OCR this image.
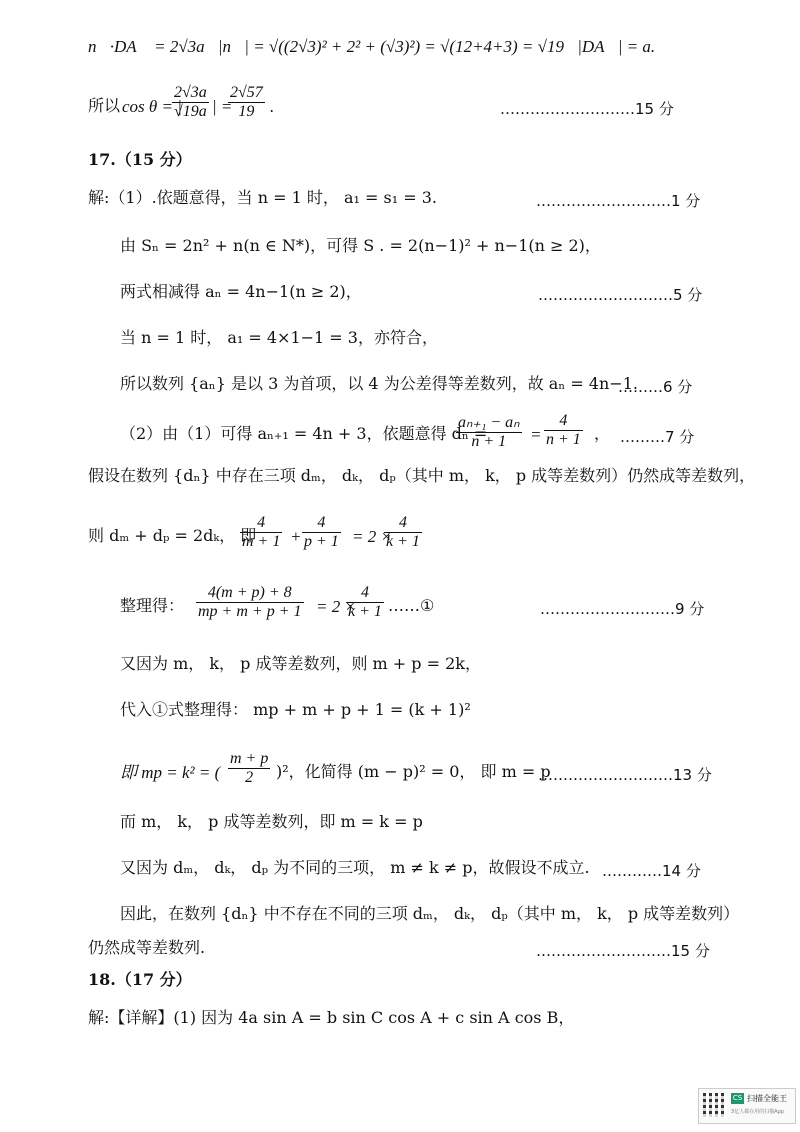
n⃗·DA⃗ = 2√3a，|n⃗| = √((2√3)² + 2² + (√3)²) = √(12+4+3) = √19，|DA⃗| = a.
所以 cos θ = |
$\frac{2√3a}{√19a}$ | =
$\frac{2√57}{19}$ .	………………………15 分
17.（15 分）
解:（1）.依题意得，当 n = 1 时， a₁ = s₁ = 3.	………………………1 分
由 Sₙ = 2n² + n(n ∈ N*)，可得 S . = 2(n−1)² + n−1(n ≥ 2)，
两式相减得 aₙ = 4n−1(n ≥ 2)，	………………………5 分
当 n = 1 时， a₁ = 4×1−1 = 3，亦符合，
所以数列 {aₙ} 是以 3 为首项，以 4 为公差得等差数列，故 aₙ = 4n−1.
………6 分
（2）由（1）可得 aₙ₊₁ = 4n + 3，依题意得 dₙ =
$\frac{\text{aₙ₊₁ − aₙ}}{n + 1} = \frac{4}{n + 1}$ ， ………7 分
假设在数列 {dₙ} 中存在三项 dₘ， dₖ， dₚ（其中 m， k， p 成等差数列）仍然成等差数列，
则 dₘ + dₚ = 2dₖ， 即
$\frac{4}{m + 1} + \frac{4}{p + 1} = 2$ ×
$\frac{4}{k + 1}$
整理得： $\frac{4(m + p) + 8}{mp + m + p + 1} = 2$ ×
$\frac{4}{k + 1}$ ……①	………………………9 分
又因为 m， k， p 成等差数列，则 m + p = 2k，
代入①式整理得： mp + m + p + 1 = (k + 1)²
即 mp = k² = ( $\frac{m + p}{2} )^2$，化简得 (m − p)² = 0， 即 m = p
………………………13 分
而 m， k， p 成等差数列，即 m = k = p
又因为 dₘ， dₖ， dₚ 为不同的三项， m ≠ k ≠ p，故假设不成立. …………14 分
因此，在数列 {dₙ} 中不存在不同的三项 dₘ， dₖ， dₚ（其中 m， k， p 成等差数列）
仍然成等差数列.	………………………15 分
18.（17 分）
解:【详解】(1) 因为 4a sin A = b sin C cos A + c sin A cos B，
CS 扫描全能王
3亿人都在用的扫描App
